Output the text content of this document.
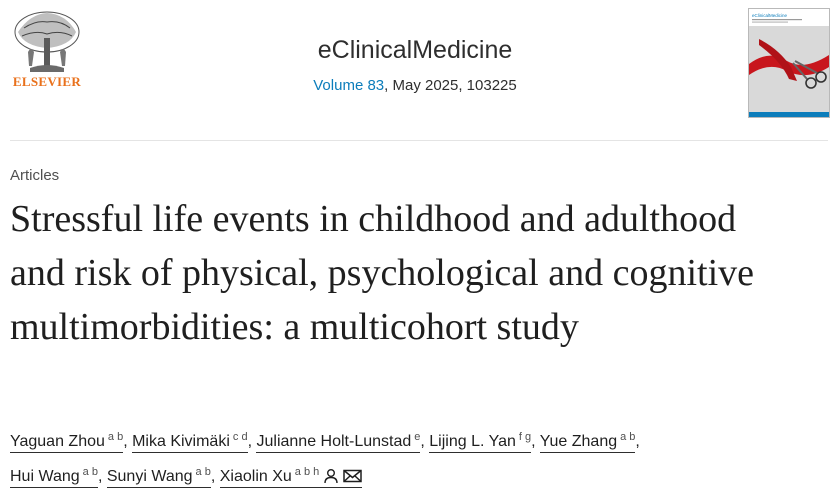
ELSEVIER
eClinicalMedicine
Volume 83, May 2025, 103225
eClinicalMedicine
Articles
Stressful life events in childhood and adulthood and risk of physical, psychological and cognitive multimorbidities: a multicohort study
Yaguan Zhou $^{a b}$, Mika Kivimäki $^{c d}$, Julianne Holt-Lunstad $^e$, Lijing L. Yan $^{f g}$, Yue Zhang $^{a b}$,
Hui Wang $^{a b}$, Sunyi Wang $^{a b}$, Xiaolin Xu $^{a b h}$
